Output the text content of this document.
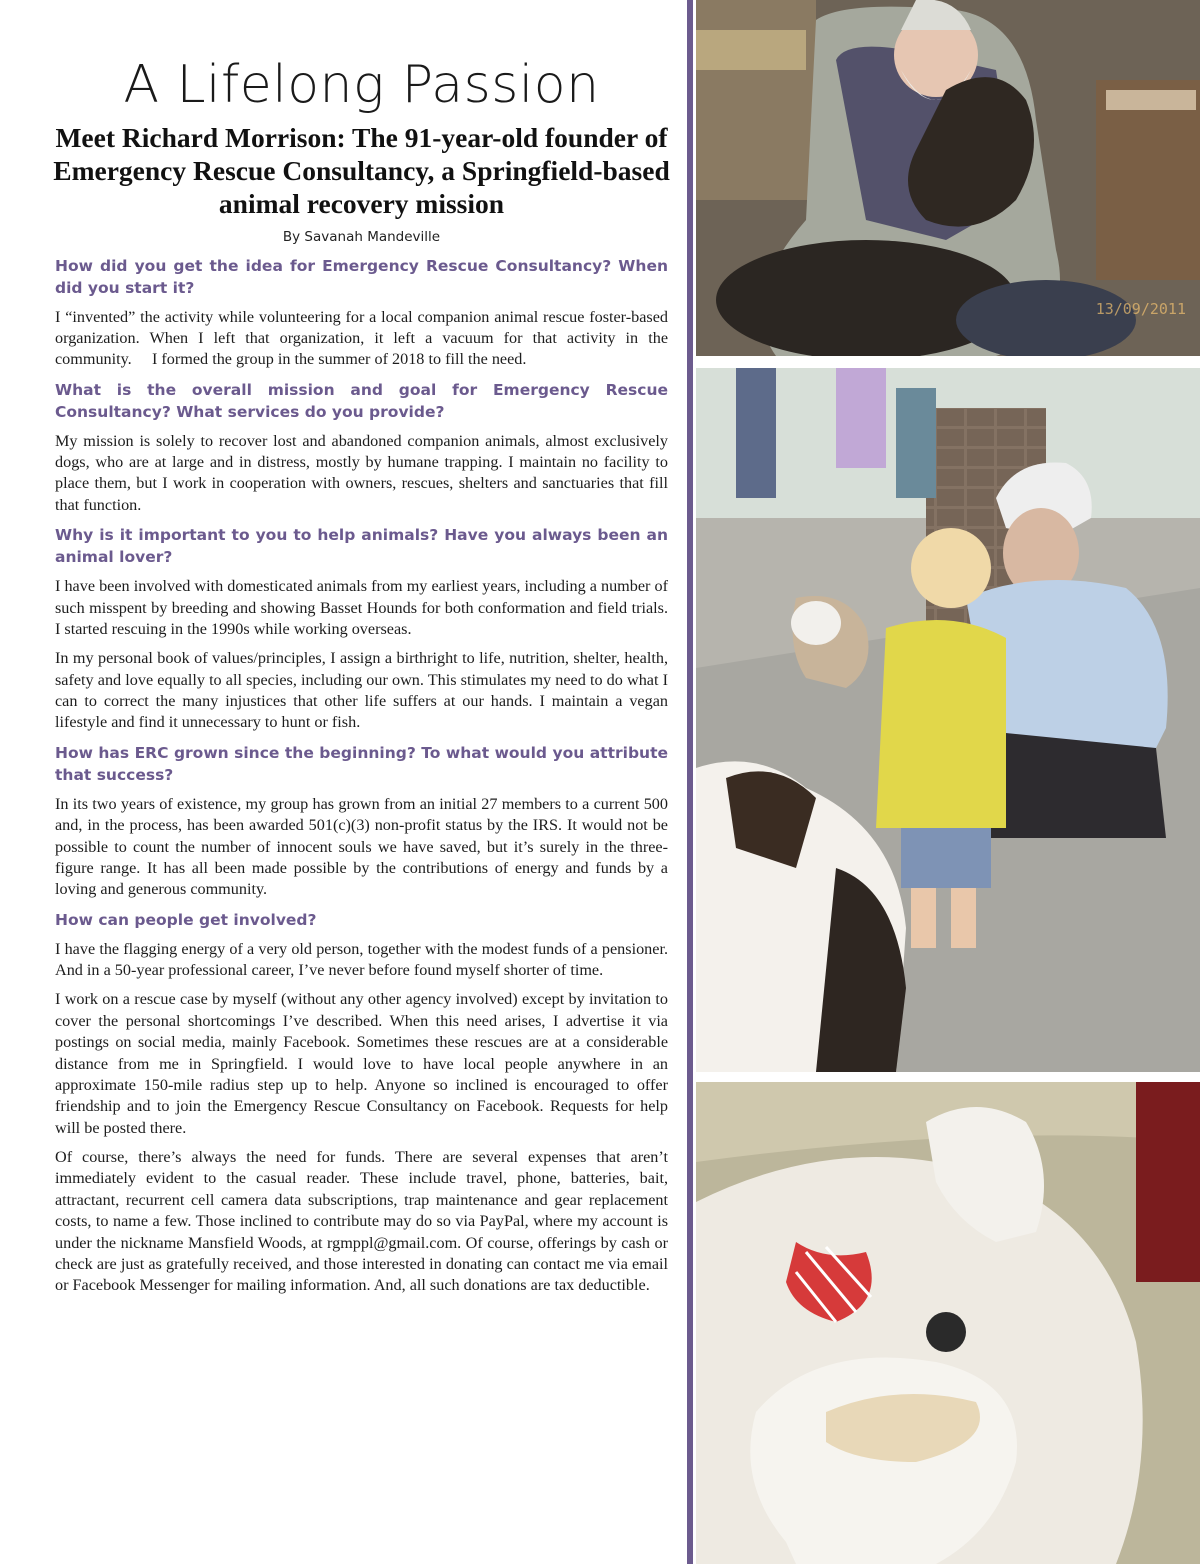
A Lifelong Passion
Meet Richard Morrison: The 91-year-old founder of Emergency Rescue Consultancy, a Springfield-based animal recovery mission
By Savanah Mandeville
How did you get the idea for Emergency Rescue Consultancy? When did you start it?

I “invented” the activity while volunteering for a local companion animal rescue foster-based organization. When I left that organization, it left a vacuum for that activity in the community.  I formed the group in the summer of 2018 to fill the need.

What is the overall mission and goal for Emergency Rescue Consultancy? What services do you provide?

My mission is solely to recover lost and abandoned companion animals, almost exclusively dogs, who are at large and in distress, mostly by humane trapping. I maintain no facility to place them, but I work in cooperation with owners, rescues, shelters and sanctuaries that fill that function.

Why is it important to you to help animals? Have you always been an animal lover?

I have been involved with domesticated animals from my earliest years, including a number of such misspent by breeding and showing Basset Hounds for both conformation and field trials. I started rescuing in the 1990s while working overseas.

In my personal book of values/principles, I assign a birthright to life, nutrition, shelter, health, safety and love equally to all species, including our own. This stimulates my need to do what I can to correct the many injustices that other life suffers at our hands. I maintain a vegan lifestyle and find it unnecessary to hunt or fish.

How has ERC grown since the beginning? To what would you attribute that success?

In its two years of existence, my group has grown from an initial 27 members to a current 500 and, in the process, has been awarded 501(c)(3) non-profit status by the IRS. It would not be possible to count the number of innocent souls we have saved, but it’s surely in the three-figure range. It has all been made possible by the contributions of energy and funds by a loving and generous community.

How can people get involved?

I have the flagging energy of a very old person, together with the modest funds of a pensioner. And in a 50-year professional career, I’ve never before found myself shorter of time.

I work on a rescue case by myself (without any other agency involved) except by invitation to cover the personal shortcomings I’ve described. When this need arises, I advertise it via postings on social media, mainly Facebook. Sometimes these rescues are at a considerable distance from me in Springfield. I would love to have local people anywhere in an approximate 150-mile radius step up to help. Anyone so inclined is encouraged to offer friendship and to join the Emergency Rescue Consultancy on Facebook. Requests for help will be posted there.

Of course, there’s always the need for funds. There are several expenses that aren’t immediately evident to the casual reader. These include travel, phone, batteries, bait, attractant, recurrent cell camera data subscriptions, trap maintenance and gear replacement costs, to name a few. Those inclined to contribute may do so via PayPal, where my account is under the nickname Mansfield Woods, at rgmppl@gmail.com. Of course, offerings by cash or check are just as gratefully received, and those interested in donating can contact me via email or Facebook Messenger for mailing information. And, all such donations are tax deductible.

13/09/2011
